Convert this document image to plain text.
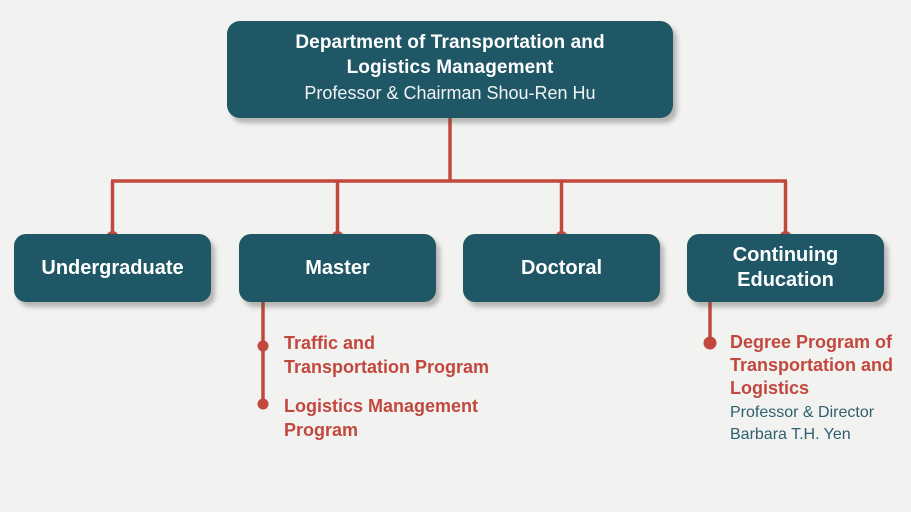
Department of Transportation and Logistics Management
Professor & Chairman Shou-Ren Hu
Undergraduate	Master	Doctoral
Continuing Education
Traffic and Transportation Program
Logistics Management Program
Degree Program of Transportation and Logistics
Professor & Director Barbara T.H. Yen
